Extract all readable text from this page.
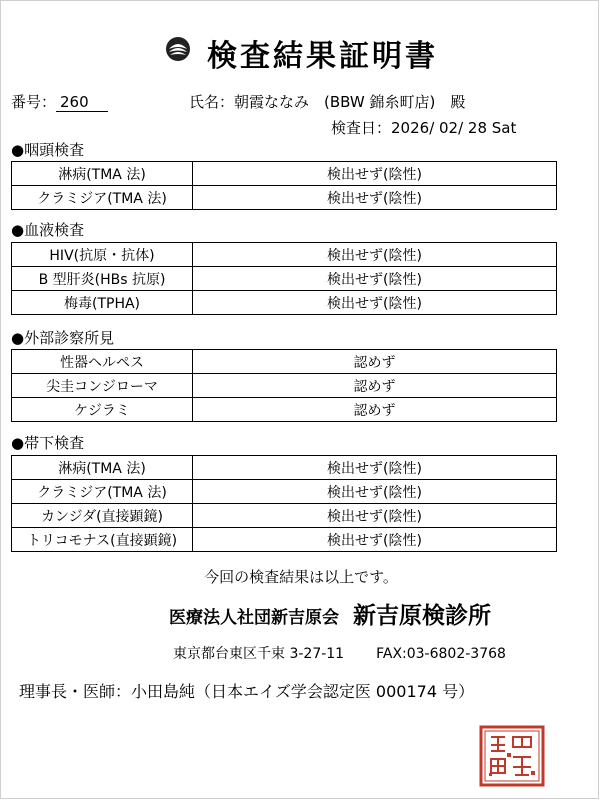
検査結果証明書
番号： 260	氏名：朝霞ななみ　(BBW 錦糸町店)　殿
検査日：2026/ 02/ 28 Sat
●咽頭検査
淋病(TMA 法)	検出せず(陰性)
クラミジア(TMA 法)	検出せず(陰性)
●血液検査
HIV(抗原・抗体)	検出せず(陰性)
B 型肝炎(HBs 抗原)	検出せず(陰性)
梅毒(TPHA)	検出せず(陰性)
●外部診察所見
性器ヘルペス	認めず
尖圭コンジローマ	認めず
ケジラミ	認めず
●帯下検査
淋病(TMA 法)	検出せず(陰性)
クラミジア(TMA 法)	検出せず(陰性)
カンジダ(直接顕鏡)	検出せず(陰性)
トリコモナス(直接顕鏡)	検出せず(陰性)
今回の検査結果は以上です。
医療法人社団新吉原会 新吉原検診所
東京都台東区千束 3-27-11 FAX:03-6802-3768
理事長・医師：小田島純（日本エイズ学会認定医 000174 号）
